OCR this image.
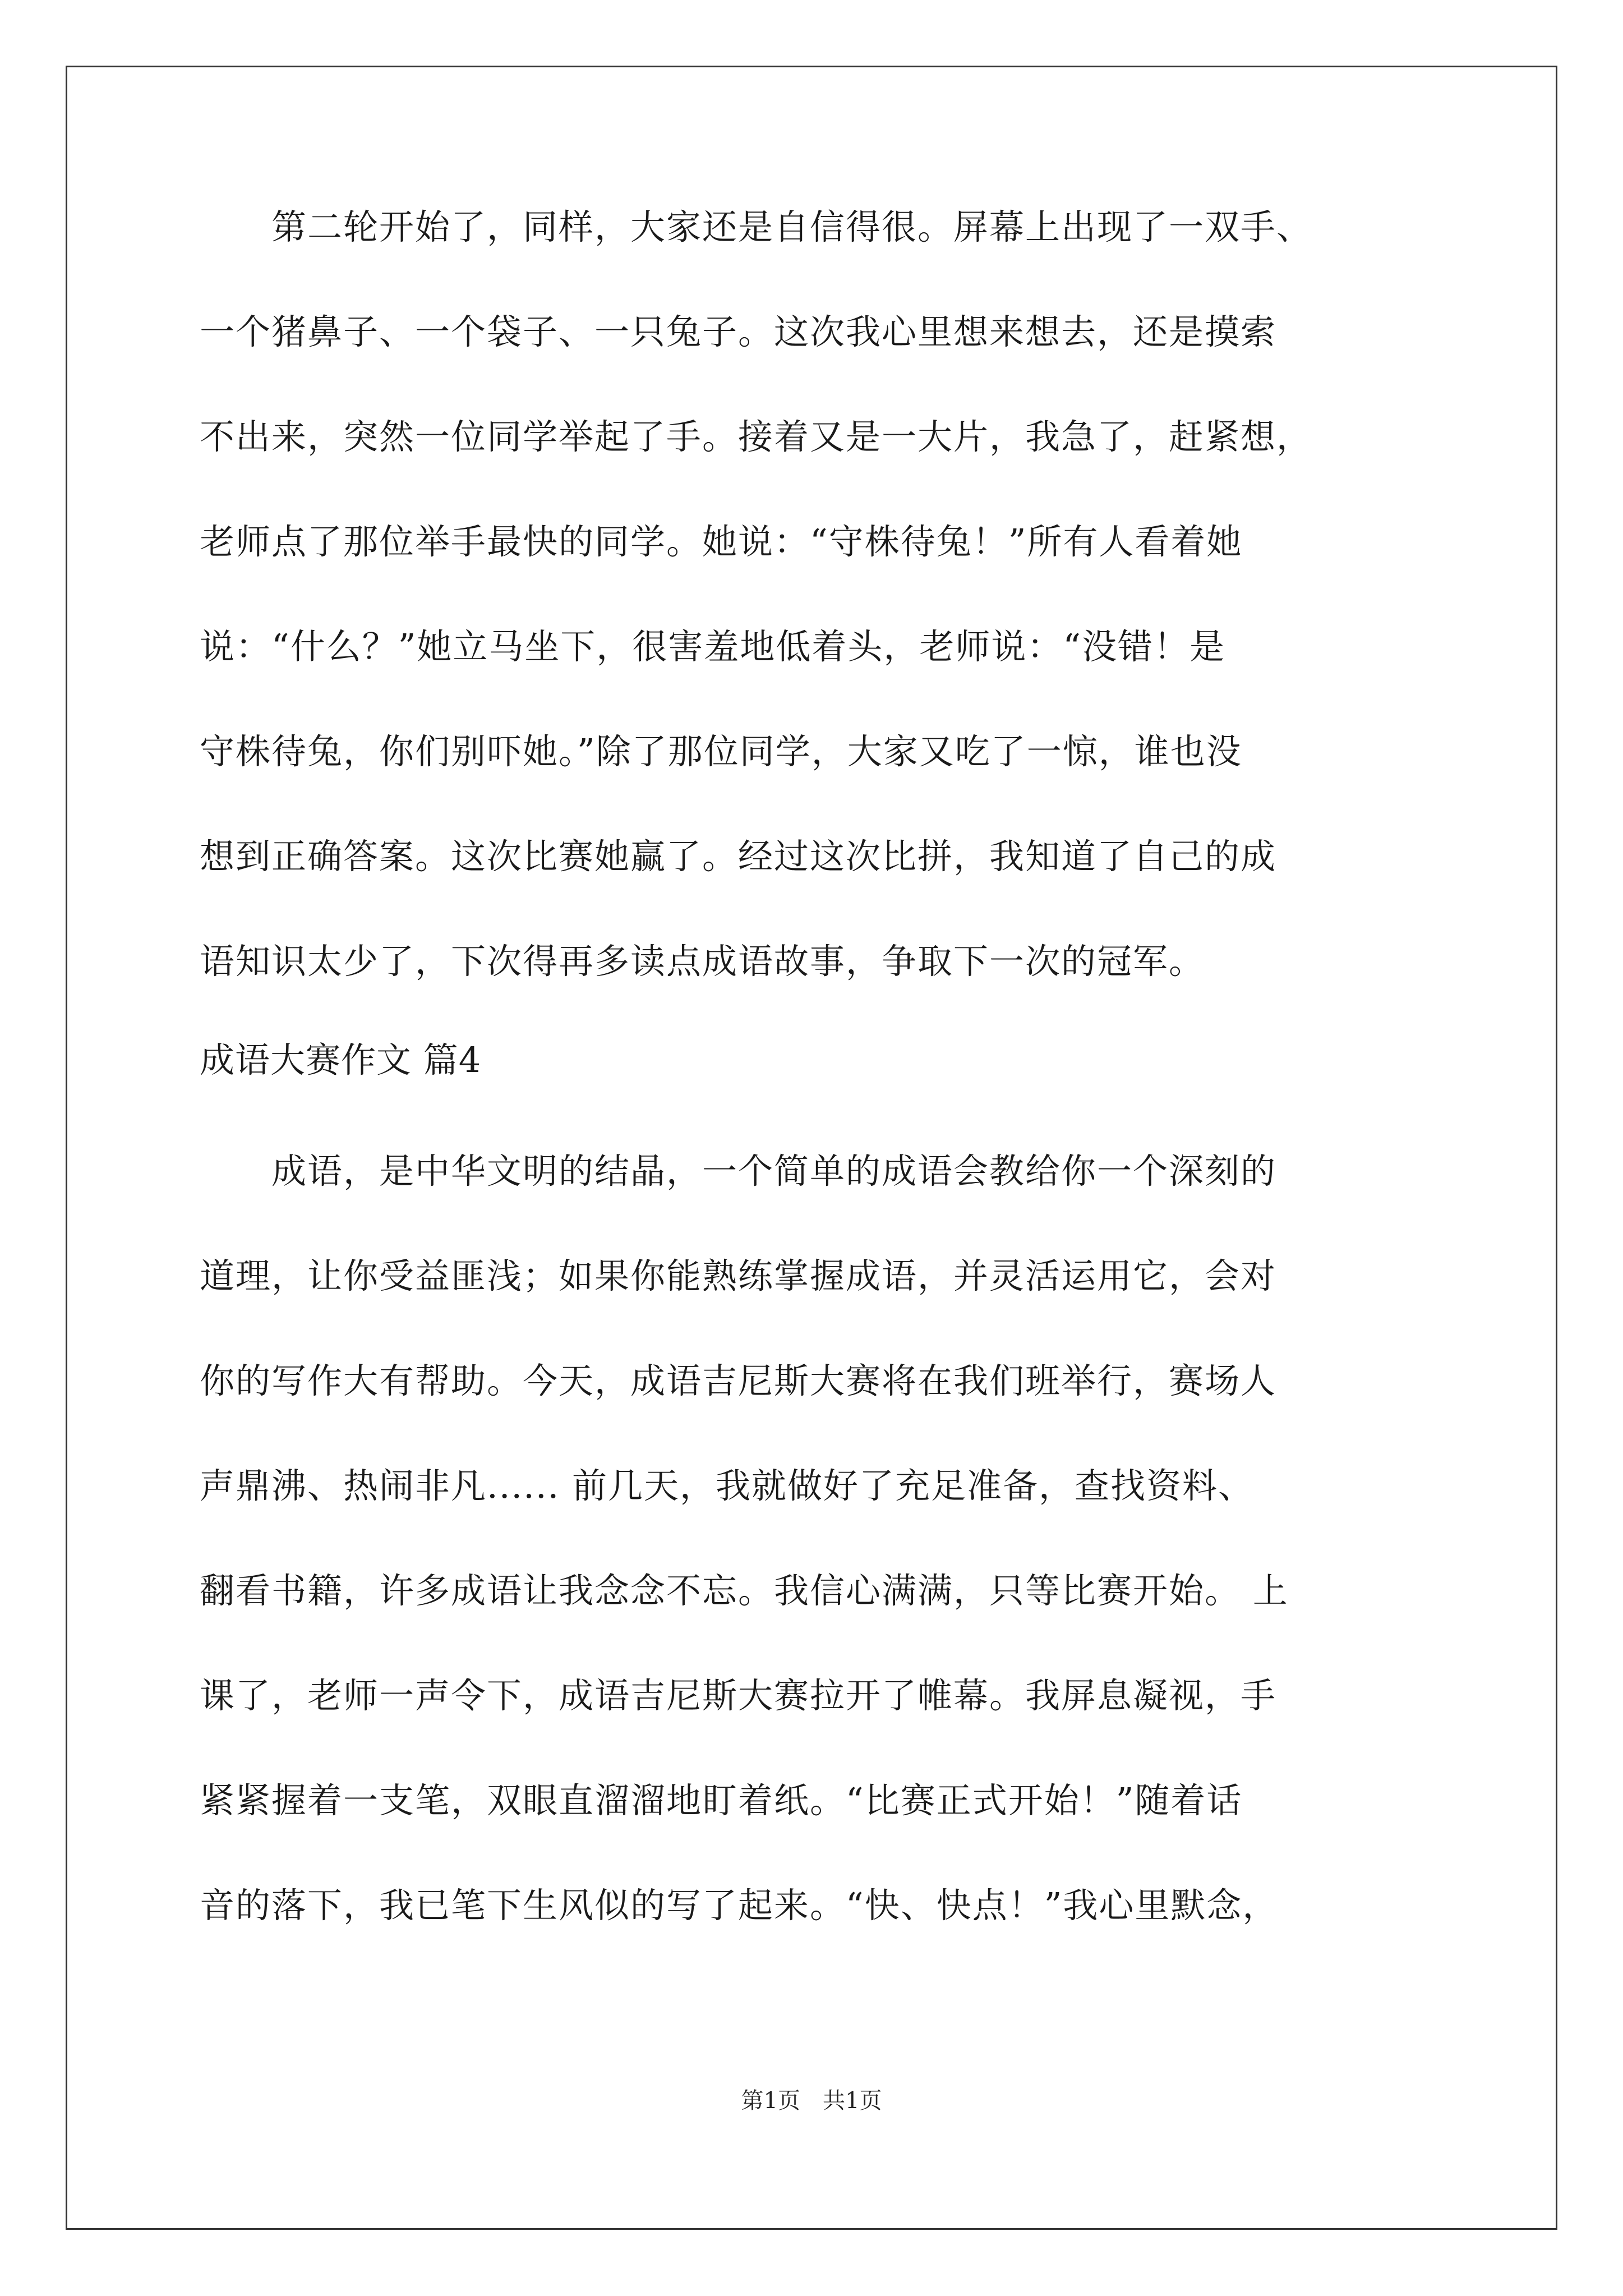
　　第二轮开始了，同样，大家还是自信得很。屏幕上出现了一双手、
一个猪鼻子、一个袋子、一只兔子。这次我心里想来想去，还是摸索
不出来，突然一位同学举起了手。接着又是一大片，我急了，赶紧想，
老师点了那位举手最快的同学。她说：“守株待兔！”所有人看着她
说：“什么？”她立马坐下，很害羞地低着头，老师说：“没错！是
守株待兔，你们别吓她。”除了那位同学，大家又吃了一惊，谁也没
想到正确答案。这次比赛她赢了。经过这次比拼，我知道了自己的成
语知识太少了，下次得再多读点成语故事，争取下一次的冠军。
成语大赛作文 篇4
　　成语，是中华文明的结晶，一个简单的成语会教给你一个深刻的
道理，让你受益匪浅；如果你能熟练掌握成语，并灵活运用它，会对
你的写作大有帮助。今天，成语吉尼斯大赛将在我们班举行，赛场人
声鼎沸、热闹非凡...... 前几天，我就做好了充足准备，查找资料、
翻看书籍，许多成语让我念念不忘。我信心满满，只等比赛开始。 上
课了，老师一声令下，成语吉尼斯大赛拉开了帷幕。我屏息凝视，手
紧紧握着一支笔，双眼直溜溜地盯着纸。“比赛正式开始！”随着话
音的落下，我已笔下生风似的写了起来。“快、快点！”我心里默念，
第1页　共1页
